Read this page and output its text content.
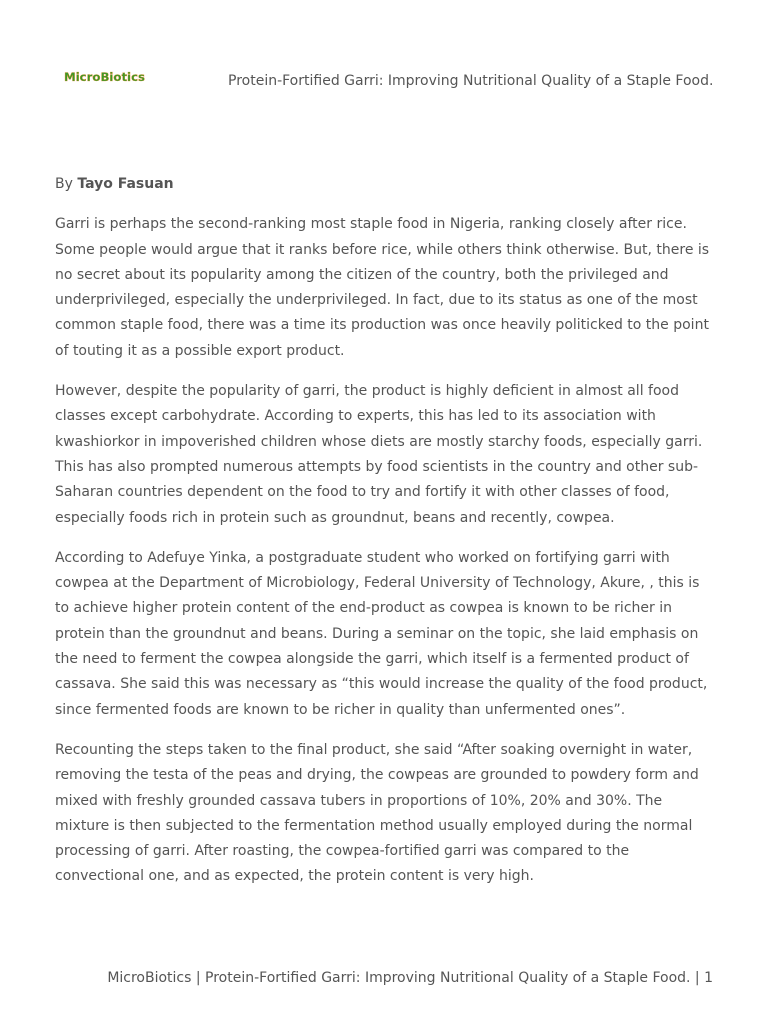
MicroBiotics	Protein-Fortified Garri: Improving Nutritional Quality of a Staple Food.

By Tayo Fasuan

Garri is perhaps the second-ranking most staple food in Nigeria, ranking closely after rice. Some people would argue that it ranks before rice, while others think otherwise. But, there is no secret about its popularity among the citizen of the country, both the privileged and underprivileged, especially the underprivileged. In fact, due to its status as one of the most common staple food, there was a time its production was once heavily politicked to the point of touting it as a possible export product.

However, despite the popularity of garri, the product is highly deficient in almost all food classes except carbohydrate. According to experts, this has led to its association with kwashiorkor in impoverished children whose diets are mostly starchy foods, especially garri. This has also prompted numerous attempts by food scientists in the country and other sub-Saharan countries dependent on the food to try and fortify it with other classes of food, especially foods rich in protein such as groundnut, beans and recently, cowpea.

According to Adefuye Yinka, a postgraduate student who worked on fortifying garri with cowpea at the Department of Microbiology, Federal University of Technology, Akure, , this is to achieve higher protein content of the end-product as cowpea is known to be richer in protein than the groundnut and beans. During a seminar on the topic, she laid emphasis on the need to ferment the cowpea alongside the garri, which itself is a fermented product of cassava. She said this was necessary as “this would increase the quality of the food product, since fermented foods are known to be richer in quality than unfermented ones”.

Recounting the steps taken to the final product, she said “After soaking overnight in water, removing the testa of the peas and drying, the cowpeas are grounded to powdery form and mixed with freshly grounded cassava tubers in proportions of 10%, 20% and 30%. The mixture is then subjected to the fermentation method usually employed during the normal processing of garri. After roasting, the cowpea-fortified garri was compared to the convectional one, and as expected, the protein content is very high.

MicroBiotics | Protein-Fortified Garri: Improving Nutritional Quality of a Staple Food. | 1
